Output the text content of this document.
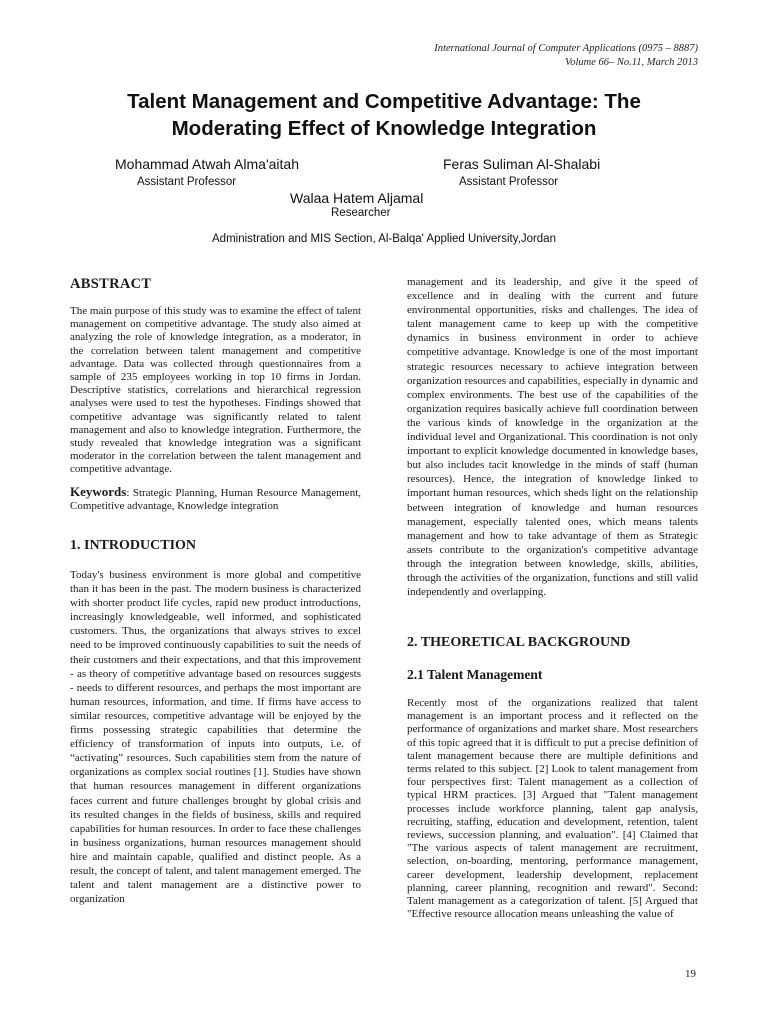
International Journal of Computer Applications (0975 – 8887)
Volume 66– No.11, March 2013
Talent Management and Competitive Advantage: The
Moderating Effect of Knowledge Integration
Mohammad Atwah Alma'aitah
Assistant Professor
Feras Suliman Al-Shalabi
Assistant Professor
Walaa Hatem Aljamal
Researcher
Administration and MIS Section, Al-Balqa' Applied University,Jordan
ABSTRACT

The main purpose of this study was to examine the effect of talent management on competitive advantage. The study also aimed at analyzing the role of knowledge integration, as a moderator, in the correlation between talent management and competitive advantage. Data was collected through questionnaires from a sample of 235 employees working in top 10 firms in Jordan. Descriptive statistics, correlations and hierarchical regression analyses were used to test the hypotheses. Findings showed that competitive advantage was significantly related to talent management and also to knowledge integration. Furthermore, the study revealed that knowledge integration was a significant moderator in the correlation between the talent management and competitive advantage.

Keywords: Strategic Planning, Human Resource Management, Competitive advantage, Knowledge integration

1. INTRODUCTION

Today's business environment is more global and competitive than it has been in the past. The modern business is characterized with shorter product life cycles, rapid new product introductions, increasingly knowledgeable, well informed, and sophisticated customers. Thus, the organizations that always strives to excel need to be improved continuously capabilities to suit the needs of their customers and their expectations, and that this improvement - as theory of competitive advantage based on resources suggests - needs to different resources, and perhaps the most important are human resources, information, and time. If firms have access to similar resources, competitive advantage will be enjoyed by the firms possessing strategic capabilities that determine the efficiency of transformation of inputs into outputs, i.e. of “activating” resources. Such capabilities stem from the nature of organizations as complex social routines [1]. Studies have shown that human resources management in different organizations faces current and future challenges brought by global crisis and its resulted changes in the fields of business, skills and required capabilities for human resources. In order to face these challenges in business organizations, human resources management should hire and maintain capable, qualified and distinct people. As a result, the concept of talent, and talent management emerged. The talent and talent management are a distinctive power to organization

management and its leadership, and give it the speed of excellence and in dealing with the current and future environmental opportunities, risks and challenges. The idea of talent management came to keep up with the competitive dynamics in business environment in order to achieve competitive advantage. Knowledge is one of the most important strategic resources necessary to achieve integration between organization resources and capabilities, especially in dynamic and complex environments. The best use of the capabilities of the organization requires basically achieve full coordination between the various kinds of knowledge in the organization at the individual level and Organizational. This coordination is not only important to explicit knowledge documented in knowledge bases, but also includes tacit knowledge in the minds of staff (human resources). Hence, the integration of knowledge linked to important human resources, which sheds light on the relationship between integration of knowledge and human resources management, especially talented ones, which means talents management and how to take advantage of them as Strategic assets contribute to the organization's competitive advantage through the integration between knowledge, skills, abilities, through the activities of the organization, functions and still valid independently and overlapping.

2. THEORETICAL BACKGROUND
2.1 Talent Management

Recently most of the organizations realized that talent management is an important process and it reflected on the performance of organizations and market share. Most researchers of this topic agreed that it is difficult to put a precise definition of talent management because there are multiple definitions and terms related to this subject. [2] Look to talent management from four perspectives first: Talent management as a collection of typical HRM practices. [3] Argued that "Talent management processes include workforce planning, talent gap analysis, recruiting, staffing, education and development, retention, talent reviews, succession planning, and evaluation". [4] Claimed that "The various aspects of talent management are recruitment, selection, on-boarding, mentoring, performance management, career development, leadership development, replacement planning, career planning, recognition and reward". Second: Talent management as a categorization of talent. [5] Argued that "Effective resource allocation means unleashing the value of

19
